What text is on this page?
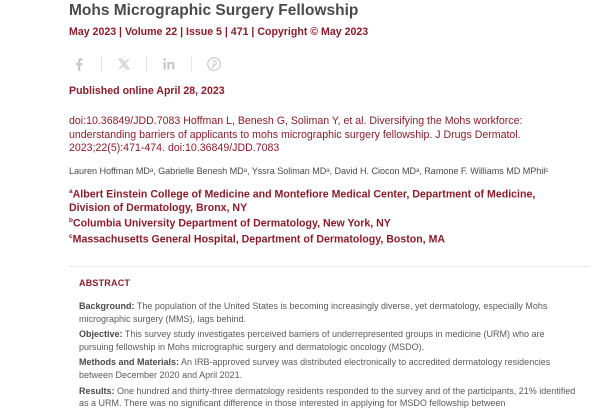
Mohs Micrographic Surgery Fellowship
May 2023 | Volume 22 | Issue 5 | 471 | Copyright © May 2023
Published online April 28, 2023
doi:10.36849/JDD.7083 Hoffman L, Benesh G, Soliman Y, et al. Diversifying the Mohs workforce: understanding barriers of applicants to mohs micrographic surgery fellowship. J Drugs Dermatol. 2023;22(5):471-474. doi:10.36849/JDD.7083
Lauren Hoffman MDᵃ, Gabrielle Benesh MDᵃ, Yssra Soliman MDᵃ, David H. Ciocon MDᵃ, Ramone F. Williams MD MPhilᶜ
$^a$Albert Einstein College of Medicine and Montefiore Medical Center, Department of Medicine, Division of Dermatology, Bronx, NY
$^b$Columbia University Department of Dermatology, New York, NY
$^c$Massachusetts General Hospital, Department of Dermatology, Boston, MA
ABSTRACT

Background: The population of the United States is becoming increasingly diverse, yet dermatology, especially Mohs micrographic surgery (MMS), lags behind.

Objective: This survey study investigates perceived barriers of underrepresented groups in medicine (URM) who are pursuing fellowship in Mohs micrographic surgery and dermatologic oncology (MSDO).

Methods and Materials: An IRB-approved survey was distributed electronically to accredited dermatology residencies between December 2020 and April 2021.

Results: One hundred and thirty-three dermatology residents responded to the survey and of the participants, 21% identified as a URM. There was no significant difference in those interested in applying for MSDO fellowship between
